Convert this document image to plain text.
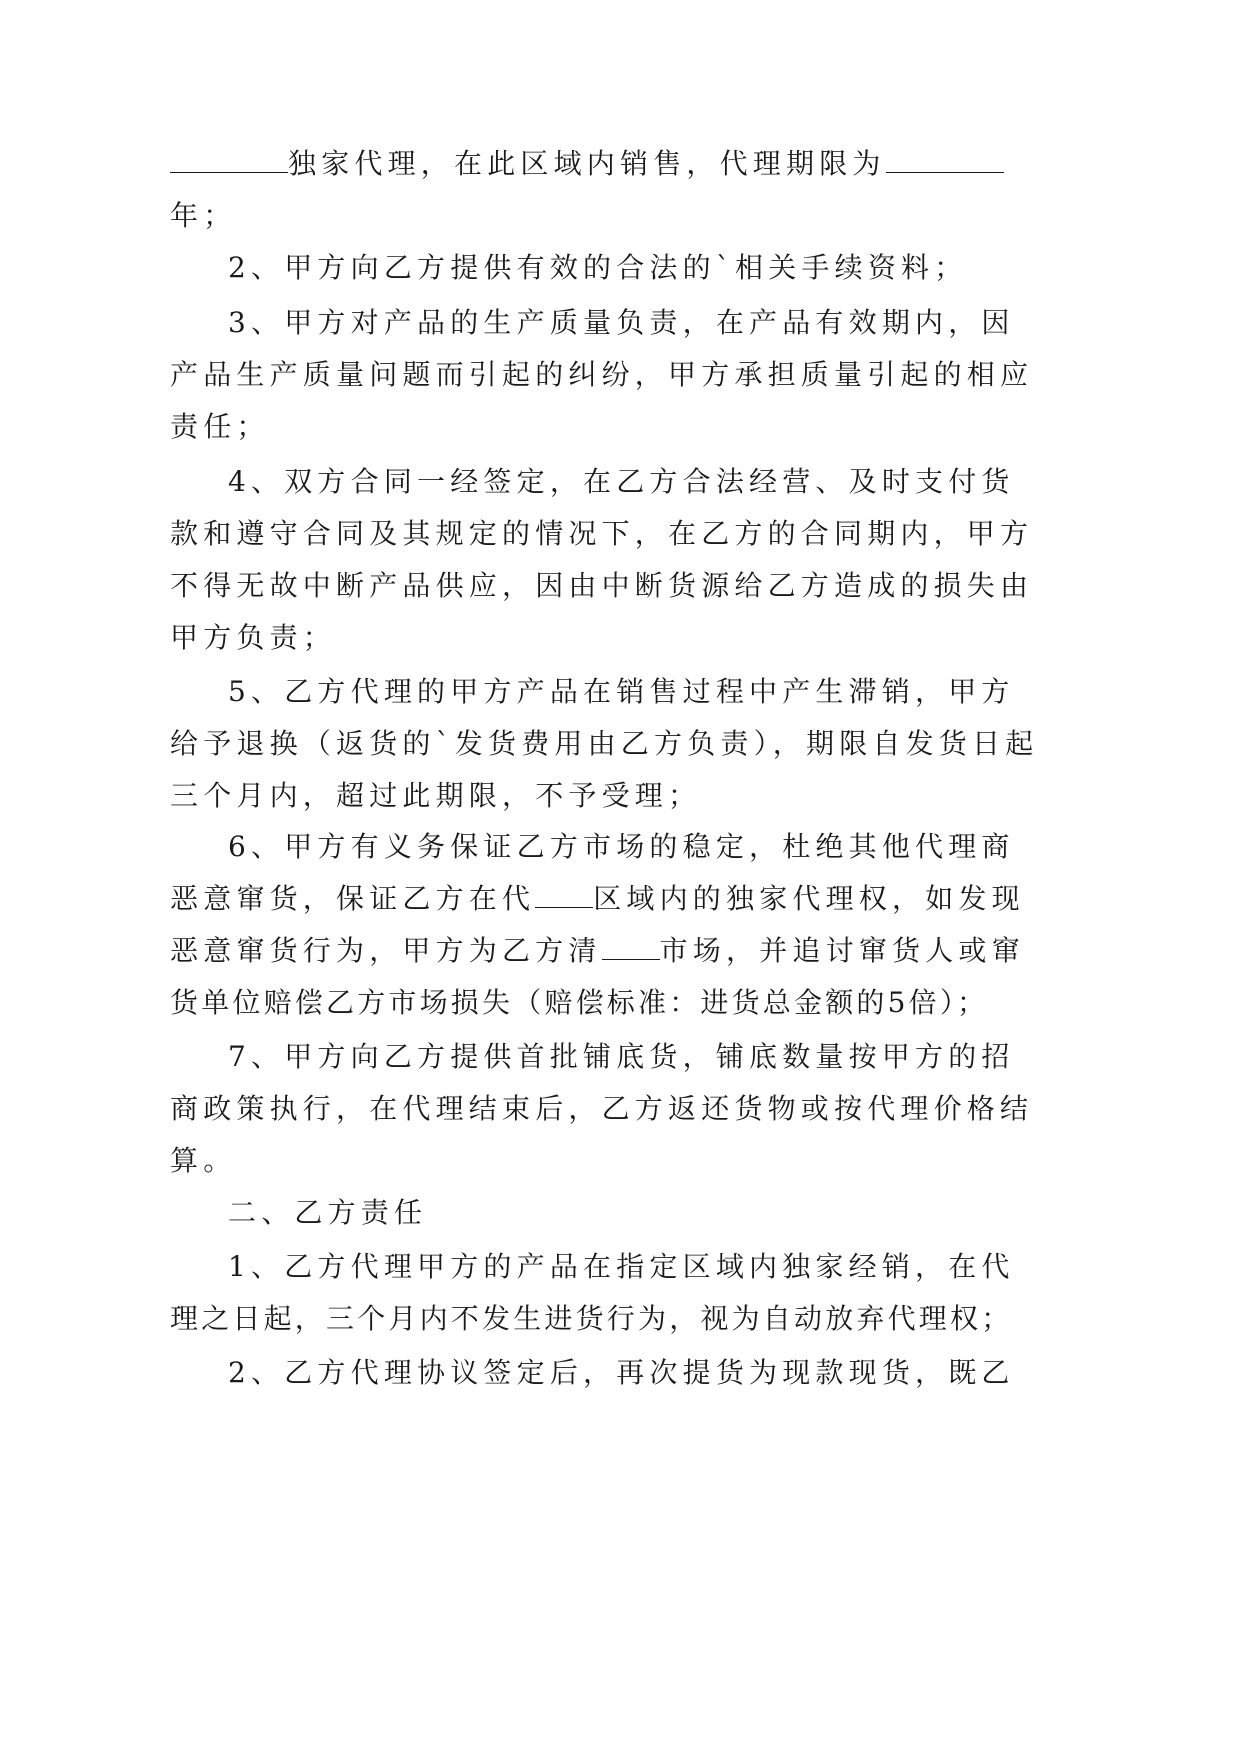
独家代理，在此区域内销售，代理期限为
年；
2、甲方向乙方提供有效的合法的`相关手续资料；
3、甲方对产品的生产质量负责，在产品有效期内，因
产品生产质量问题而引起的纠纷，甲方承担质量引起的相应
责任；
4、双方合同一经签定，在乙方合法经营、及时支付货
款和遵守合同及其规定的情况下，在乙方的合同期内，甲方
不得无故中断产品供应，因由中断货源给乙方造成的损失由
甲方负责；
5、乙方代理的甲方产品在销售过程中产生滞销，甲方
给予退换（返货的`发货费用由乙方负责），期限自发货日起
三个月内，超过此期限，不予受理；
6、甲方有义务保证乙方市场的稳定，杜绝其他代理商
恶意窜货，保证乙方在代 区域内的独家代理权，如发现
恶意窜货行为，甲方为乙方清 市场，并追讨窜货人或窜
货单位赔偿乙方市场损失（赔偿标准：进货总金额的5倍）；
7、甲方向乙方提供首批铺底货，铺底数量按甲方的招
商政策执行，在代理结束后，乙方返还货物或按代理价格结
算。
二、乙方责任
1、乙方代理甲方的产品在指定区域内独家经销，在代
理之日起，三个月内不发生进货行为，视为自动放弃代理权；
2、乙方代理协议签定后，再次提货为现款现货，既乙
